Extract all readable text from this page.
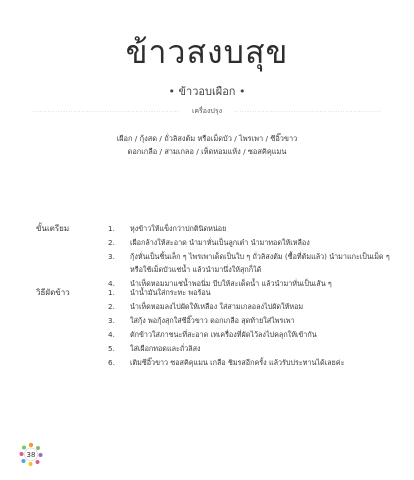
ข้าวสงบสุข
• ข้าวอบเผือก •
························································· เครื่องปรุง ·························································
เผือก / กุ้งสด / ถั่วลิสงต้ม หรือเม็ดบัว / ไพรเพา / ซีอิ๊วขาว
ดอกเกลือ / สามเกลอ / เห็ดหอมแห้ง / ซอสคิคุแมน
ขั้นเตรียม	1. หุงข้าวให้แข็งกว่าปกตินิดหน่อย
2. เผือกล้างให้สะอาด นำมาหั่นเป็นลูกเต๋า นำมาทอดให้เหลือง
3. กุ้งหั่นเป็นชิ้นเล็ก ๆ ไพรเพาเด็ดเป็นใบ ๆ ถั่วลิสงต้ม (ซื้อที่ต้มแล้ว) นำมาแกะเป็นเม็ด ๆ หรือใช้เม็ดบัวแช่น้ำ แล้วนำมานึ่งให้สุกก็ได้
4. นำเห็ดหอมมาแช่น้ำพอนิ่ม บีบให้สะเด็ดน้ำ แล้วนำมาหั่นเป็นเส้น ๆ
วิธีผัดข้าว	1. นำน้ำมันใส่กระทะ พอร้อน
2. นำเห็ดหอมลงไปผัดให้เหลือง ใส่สามเกลอลงไปผัดให้หอม
3. ใส่กุ้ง พอกุ้งสุกใส่ซีอิ๊วขาว ดอกเกลือ สุดท้ายใส่ไพรเพา
4. ตักข้าวใส่ภาชนะที่สะอาด เทเครื่องที่ผัดไว้ลงไปคลุกให้เข้ากัน
5. ใส่เผือกทอดและถั่วลิสง
6. เติมซีอิ๊วขาว ซอสคิคุแมน เกลือ ชิมรสอีกครั้ง แล้วรับประทานได้เลยค่ะ
38
